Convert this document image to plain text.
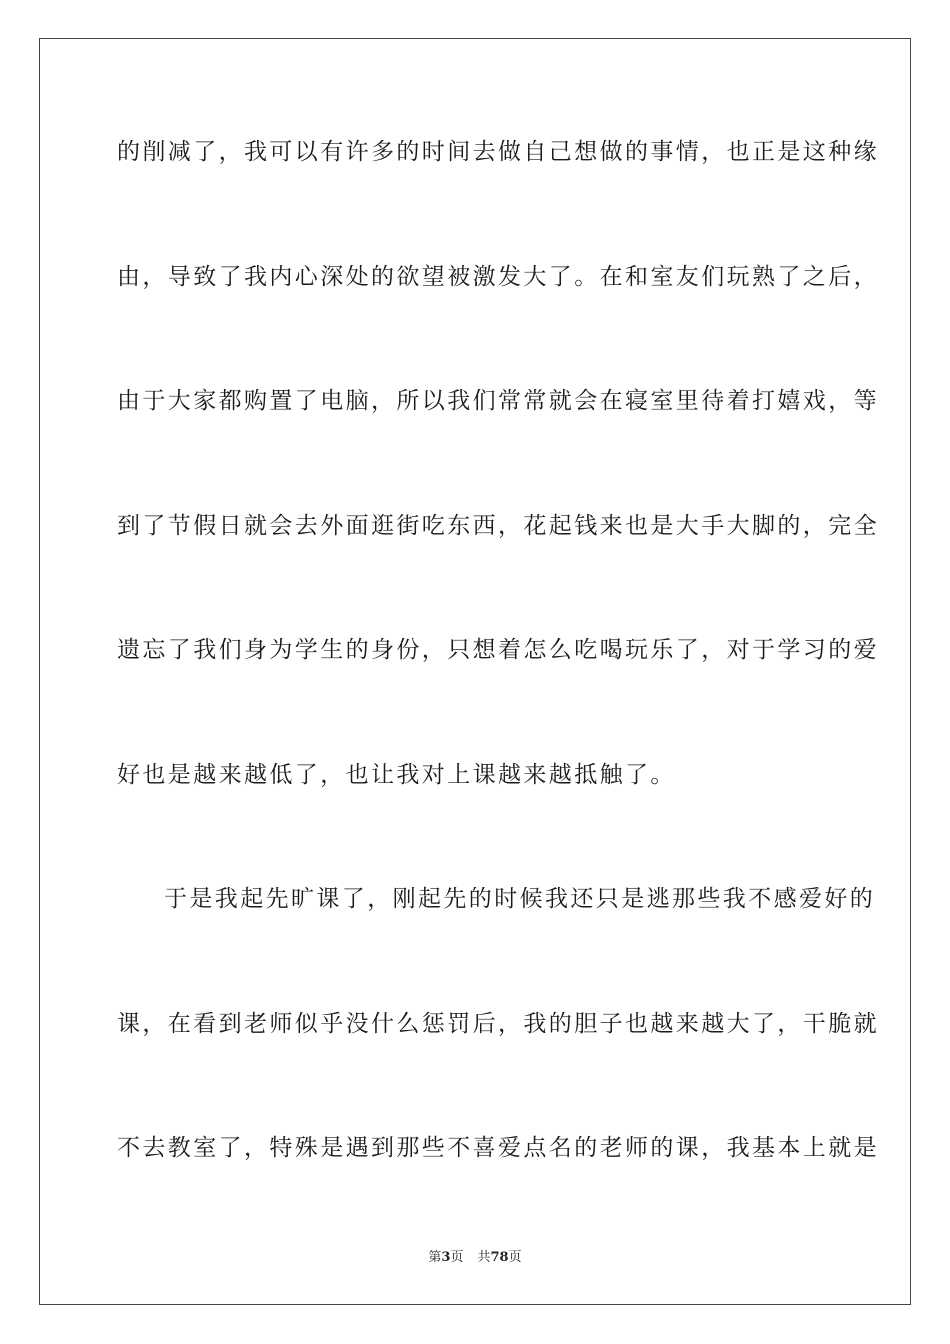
的削减了，我可以有许多的时间去做自己想做的事情，也正是这种缘
由，导致了我内心深处的欲望被激发大了。在和室友们玩熟了之后，
由于大家都购置了电脑，所以我们常常就会在寝室里待着打嬉戏，等
到了节假日就会去外面逛街吃东西，花起钱来也是大手大脚的，完全
遗忘了我们身为学生的身份，只想着怎么吃喝玩乐了，对于学习的爱
好也是越来越低了，也让我对上课越来越抵触了。
于是我起先旷课了，刚起先的时候我还只是逃那些我不感爱好的
课，在看到老师似乎没什么惩罚后，我的胆子也越来越大了，干脆就
不去教室了，特殊是遇到那些不喜爱点名的老师的课，我基本上就是
第3页 共78页
